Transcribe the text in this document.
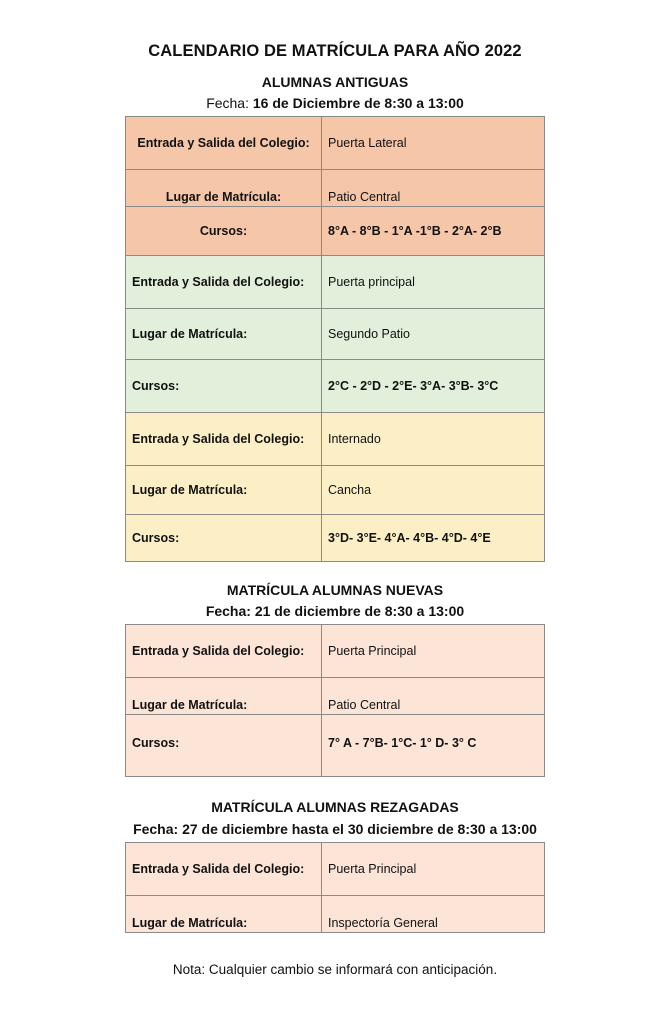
CALENDARIO DE MATRÍCULA PARA AÑO 2022
ALUMNAS ANTIGUAS
Fecha: 16 de Diciembre de 8:30 a 13:00
Entrada y Salida del Colegio:	Puerta Lateral
Lugar de Matrícula:	Patio Central
Cursos:	8°A - 8°B - 1°A -1°B - 2°A- 2°B
Entrada y Salida del Colegio:	Puerta principal
Lugar de Matrícula:	Segundo Patio
Cursos:	2°C - 2°D - 2°E- 3°A- 3°B- 3°C
Entrada y Salida del Colegio:	Internado
Lugar de Matrícula:	Cancha
Cursos:	3°D- 3°E- 4°A- 4°B- 4°D- 4°E
MATRÍCULA ALUMNAS NUEVAS
Fecha: 21 de diciembre de 8:30 a 13:00
Entrada y Salida del Colegio:	Puerta Principal
Lugar de Matrícula:	Patio Central
Cursos:	7° A - 7°B- 1°C- 1° D- 3° C
MATRÍCULA ALUMNAS REZAGADAS
Fecha: 27 de diciembre hasta el 30 diciembre de 8:30 a 13:00
Entrada y Salida del Colegio:	Puerta Principal
Lugar de Matrícula:	Inspectoría General
Nota: Cualquier cambio se informará con anticipación.
